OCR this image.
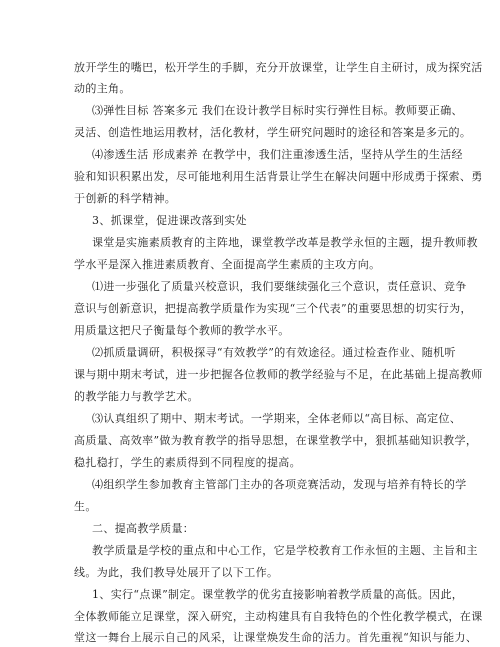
放开学生的嘴巴，松开学生的手脚，充分开放课堂，让学生自主研讨，成为探究活
动的主角。
⑶弹性目标 答案多元 我们在设计教学目标时实行弹性目标。教师要正确、
灵活、创造性地运用教材，活化教材，学生研究问题时的途径和答案是多元的。
⑷渗透生活 形成素养 在教学中，我们注重渗透生活，坚持从学生的生活经
验和知识积累出发，尽可能地利用生活背景让学生在解决问题中形成勇于探索、勇
于创新的科学精神。
3、抓课堂，促进课改落到实处
课堂是实施素质教育的主阵地，课堂教学改革是教学永恒的主题，提升教师教
学水平是深入推进素质教育、全面提高学生素质的主攻方向。
⑴进一步强化了质量兴校意识，我们要继续强化三个意识，责任意识、竞争
意识与创新意识，把提高教学质量作为实现“三个代表”的重要思想的切实行为，
用质量这把尺子衡量每个教师的教学水平。
⑵抓质量调研，积极探寻“有效教学”的有效途径。通过检查作业、随机听
课与期中期末考试，进一步把握各位教师的教学经验与不足，在此基础上提高教师
的教学能力与教学艺术。
⑶认真组织了期中、期末考试。一学期来，全体老师以“高目标、高定位、
高质量、高效率”做为教育教学的指导思想，在课堂教学中，狠抓基础知识教学，
稳扎稳打，学生的素质得到不同程度的提高。
⑷组织学生参加教育主管部门主办的各项竞赛活动，发现与培养有特长的学
生。
二、提高教学质量：
教学质量是学校的重点和中心工作，它是学校教育工作永恒的主题、主旨和主
线。为此，我们教导处展开了以下工作。
1、实行“点课”制定。课堂教学的优劣直接影响着教学质量的高低。因此，
全体教师能立足课堂，深入研究，主动构建具有自我特色的个性化教学模式，在课
堂这一舞台上展示自己的风采，让课堂焕发生命的活力。首先重视“知识与能力、
